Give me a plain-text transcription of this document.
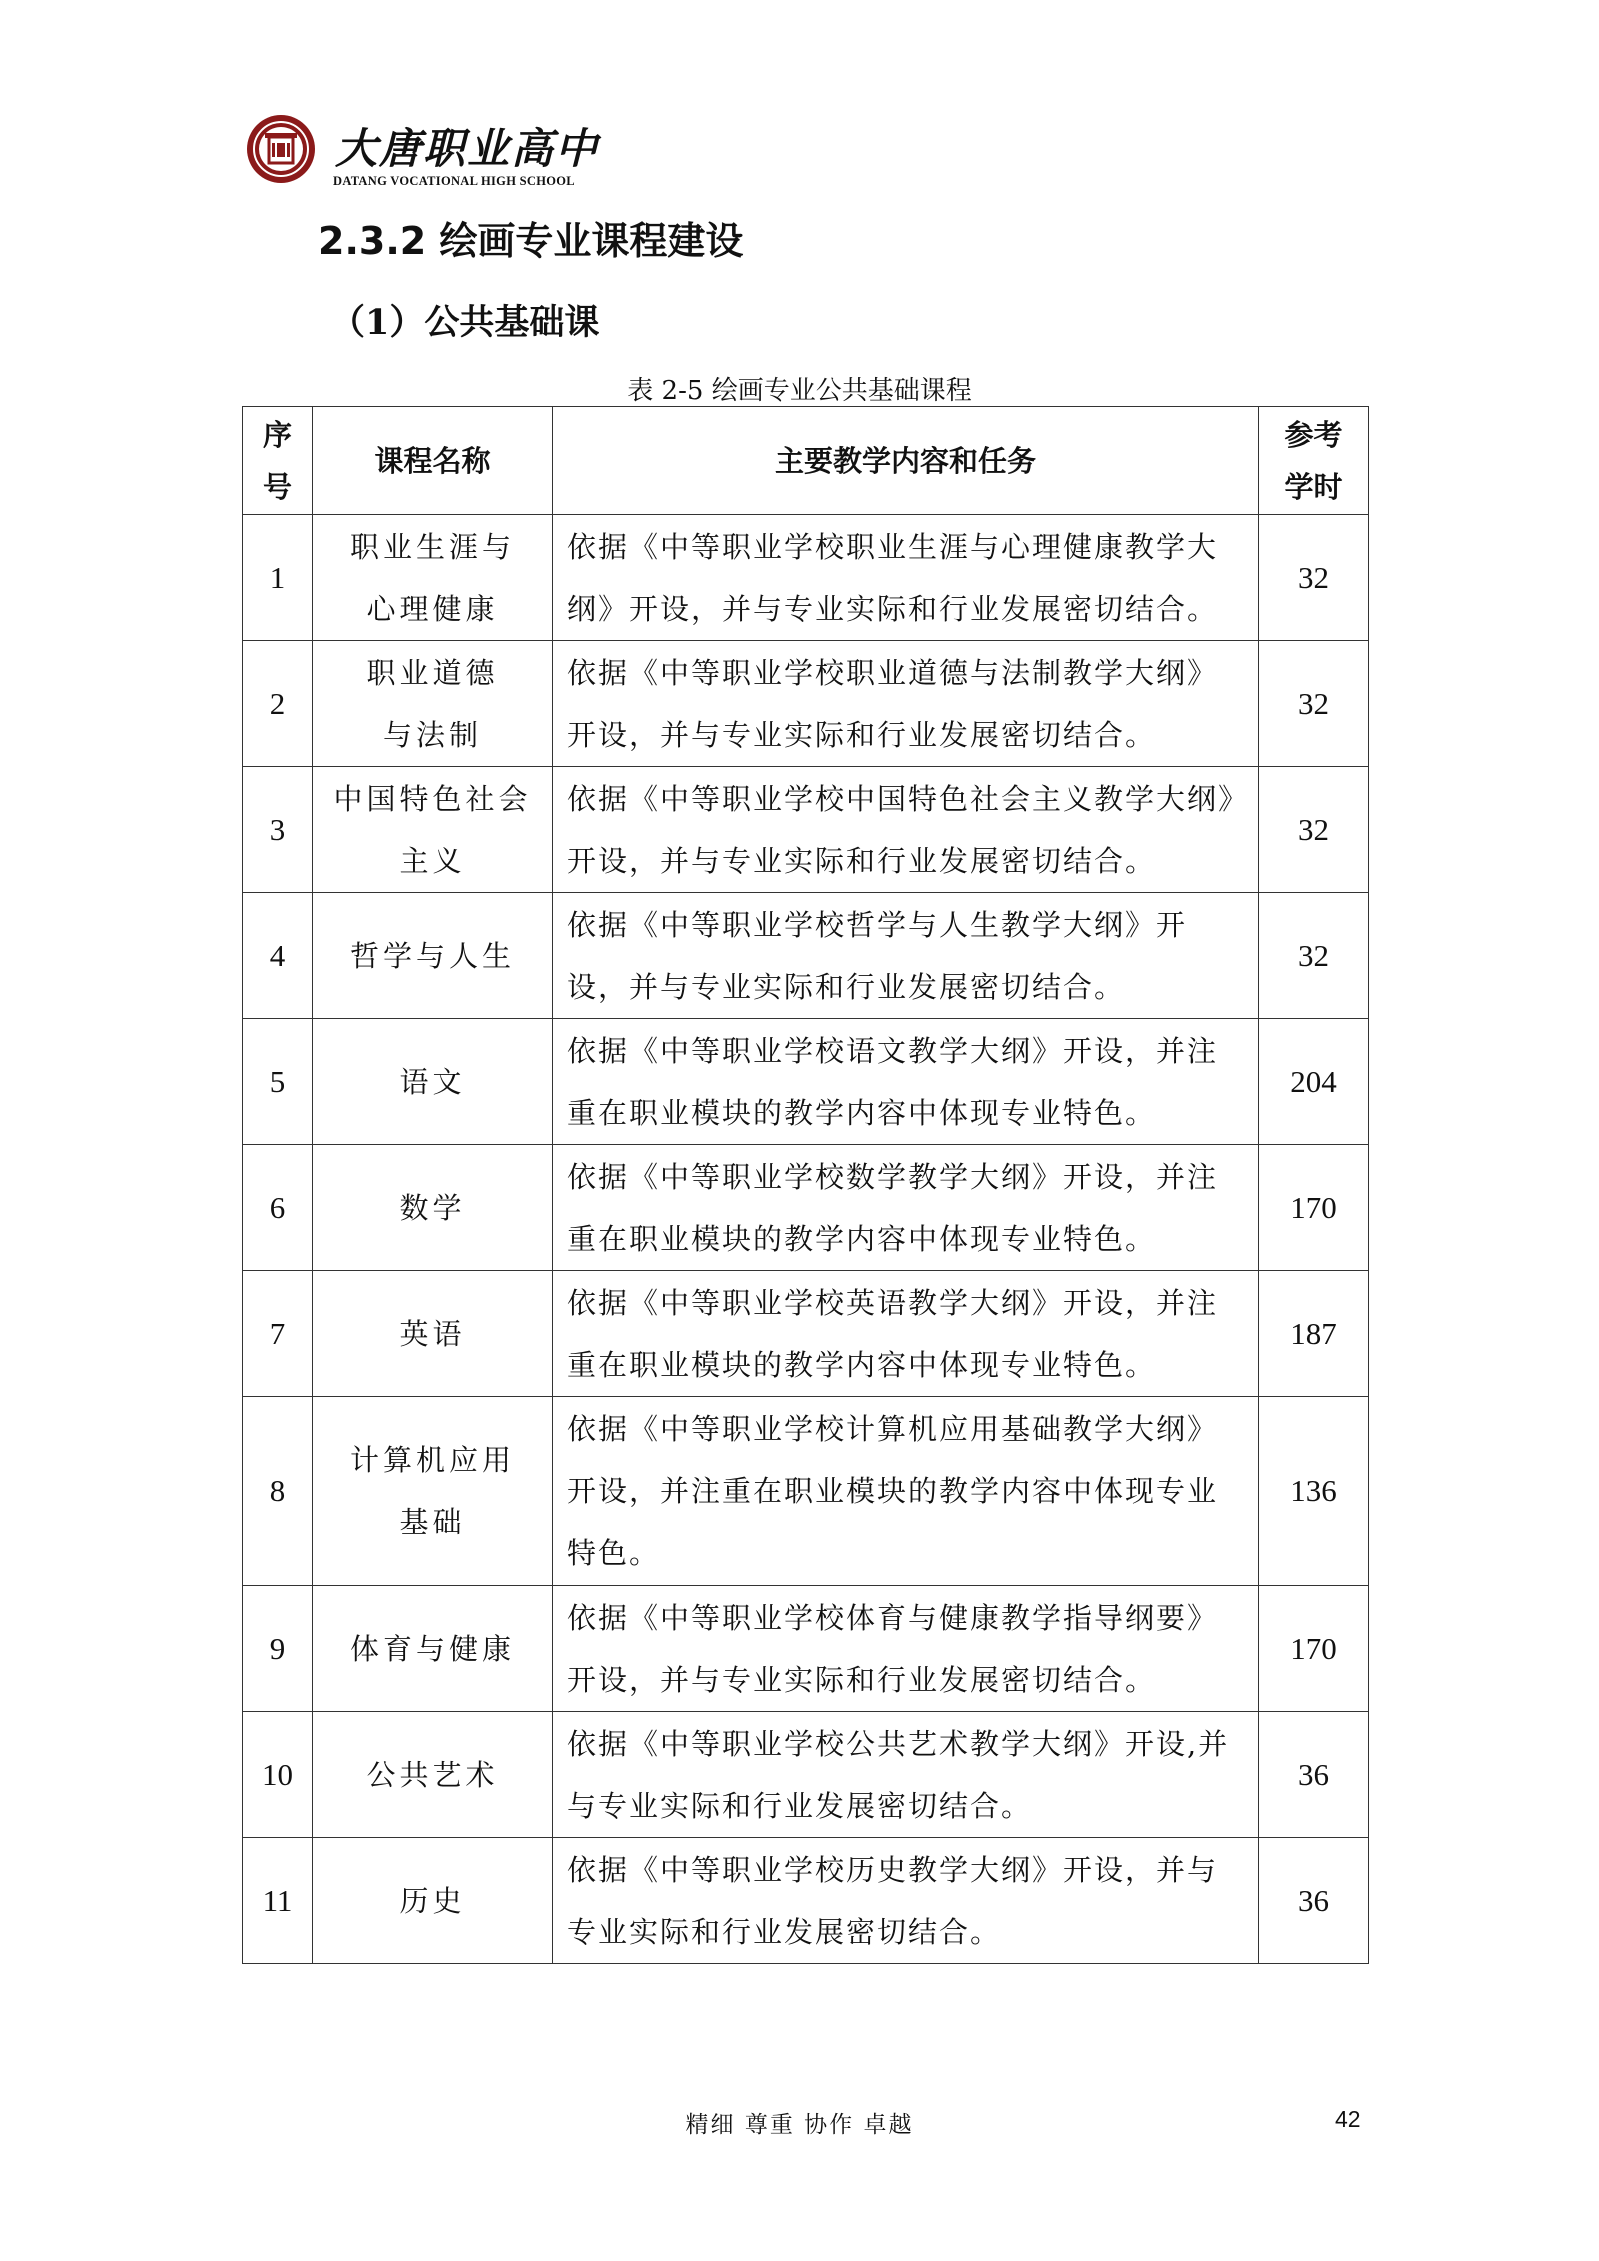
大唐职业高中
DATANG VOCATIONAL HIGH SCHOOL
2.3.2 绘画专业课程建设
（1）公共基础课

表 2-5 绘画专业公共基础课程

序号	课程名称	主要教学内容和任务	参考学时
1	职业生涯与心理健康	依据《中等职业学校职业生涯与心理健康教学大纲》开设，并与专业实际和行业发展密切结合。	32
2	职业道德与法制	依据《中等职业学校职业道德与法制教学大纲》开设，并与专业实际和行业发展密切结合。	32
3	中国特色社会主义	依据《中等职业学校中国特色社会主义教学大纲》开设，并与专业实际和行业发展密切结合。	32
4	哲学与人生	依据《中等职业学校哲学与人生教学大纲》开设，并与专业实际和行业发展密切结合。	32
5	语文	依据《中等职业学校语文教学大纲》开设，并注重在职业模块的教学内容中体现专业特色。	204
6	数学	依据《中等职业学校数学教学大纲》开设，并注重在职业模块的教学内容中体现专业特色。	170
7	英语	依据《中等职业学校英语教学大纲》开设，并注重在职业模块的教学内容中体现专业特色。	187
8	计算机应用基础	依据《中等职业学校计算机应用基础教学大纲》开设，并注重在职业模块的教学内容中体现专业特色。	136
9	体育与健康	依据《中等职业学校体育与健康教学指导纲要》开设，并与专业实际和行业发展密切结合。	170
10	公共艺术	依据《中等职业学校公共艺术教学大纲》开设,并与专业实际和行业发展密切结合。	36
11	历史	依据《中等职业学校历史教学大纲》开设，并与专业实际和行业发展密切结合。	36
精细 尊重 协作 卓越	42
